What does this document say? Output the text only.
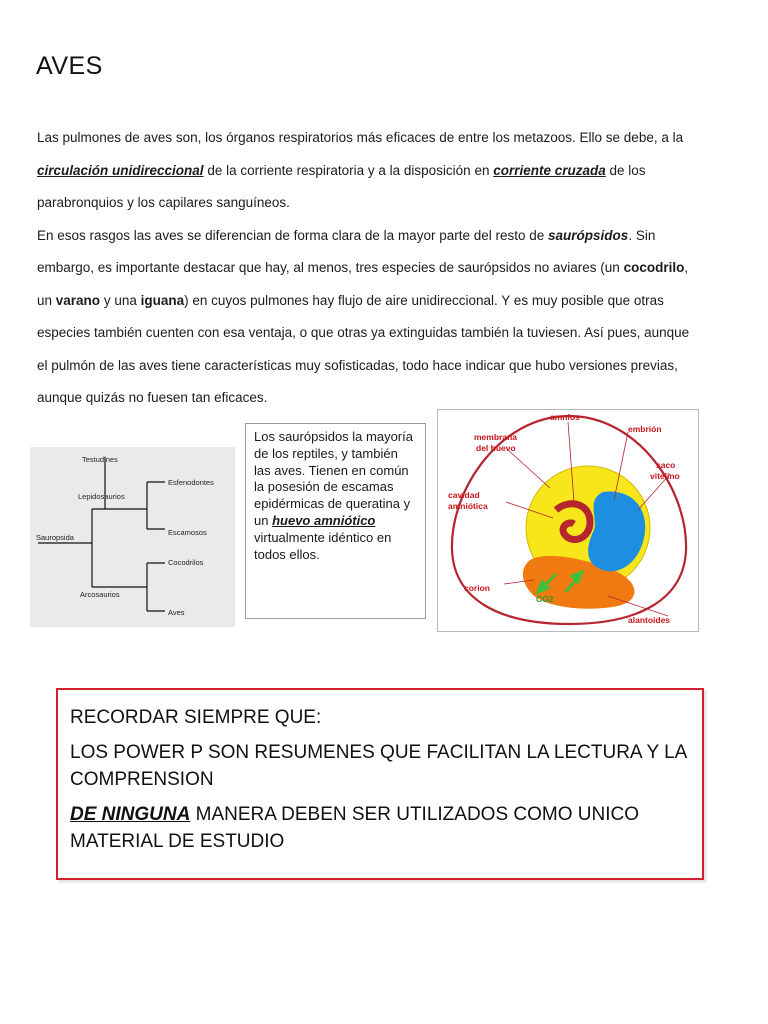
AVES

Las pulmones de aves son, los órganos respiratorios más eficaces de entre los metazoos. Ello se debe, a la circulación unidireccional de la corriente respiratoria y a la disposición en corriente cruzada de los parabronquios y los capilares sanguíneos.

En esos rasgos las aves se diferencian de forma clara de la mayor parte del resto de saurópsidos. Sin embargo, es importante destacar que hay, al menos, tres especies de saurópsidos no aviares (un cocodrilo, un varano y una iguana) en cuyos pulmones hay flujo de aire unidireccional. Y es muy posible que otras especies también cuenten con esa ventaja, o que otras ya extinguidas también la tuviesen. Así pues, aunque el pulmón de las aves tiene características muy sofisticadas, todo hace indicar que hubo versiones previas, aunque quizás no fuesen tan eficaces.

Testudines
Lepidosaurios
Esfenodontes
Escamosos
Sauropsida
Cocodrilos
Arcosaurios
Aves
Los saurópsidos la mayoría de los reptiles, y también las aves. Tienen en común la posesión de escamas epidérmicas de queratina y un huevo amniótico virtualmente idéntico en todos ellos.
amnios
embrión
membrana
del huevo
saco
vitelino
cavidad
amniótica
corion
CO2
alantoides

RECORDAR SIEMPRE QUE:

LOS POWER P SON RESUMENES QUE FACILITAN LA LECTURA Y LA COMPRENSION

DE NINGUNA MANERA DEBEN SER UTILIZADOS COMO UNICO MATERIAL DE ESTUDIO
